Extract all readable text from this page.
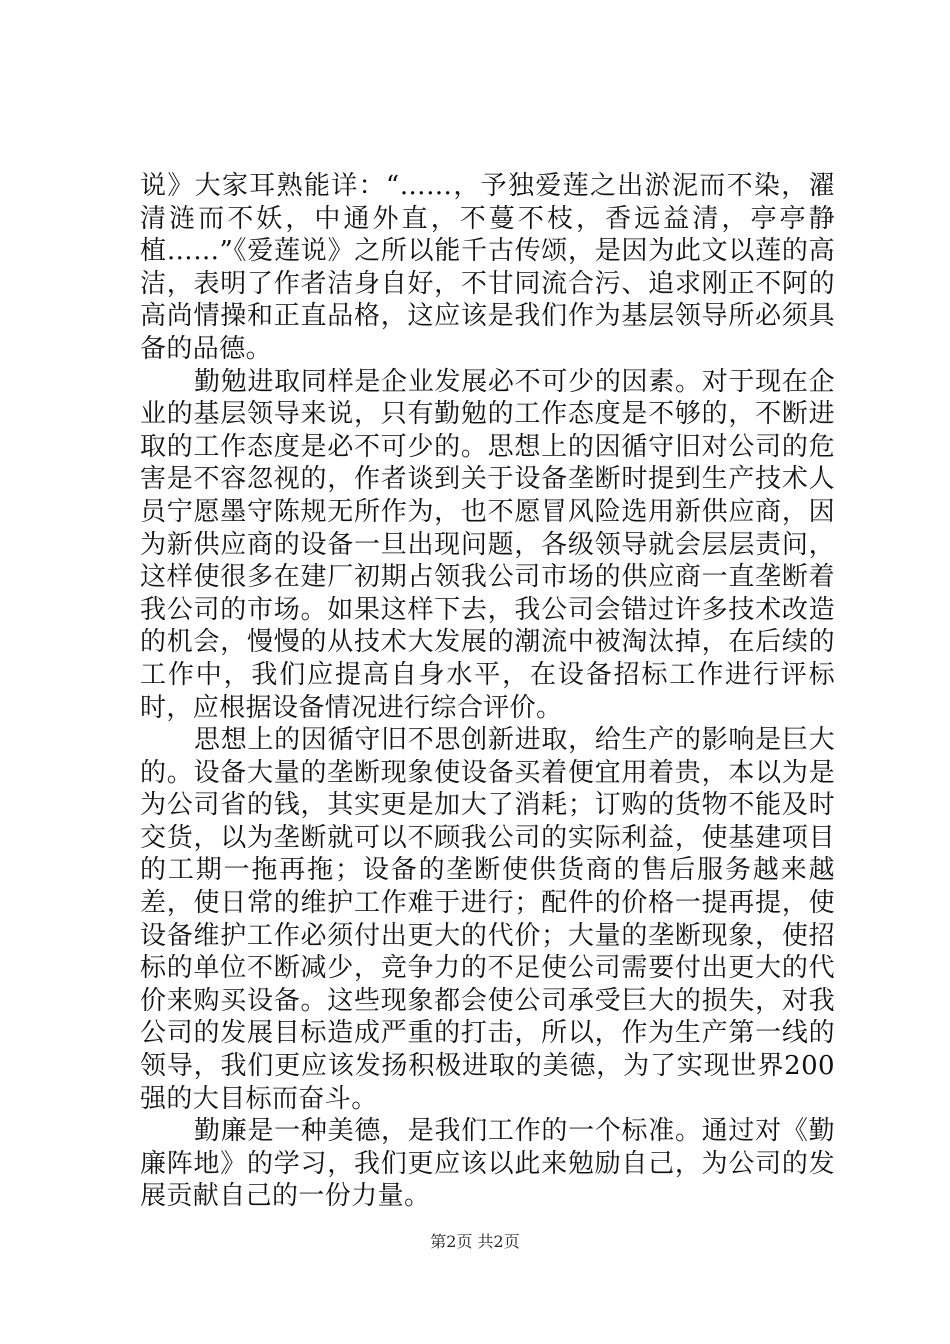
说》大家耳熟能详：“……，予独爱莲之出淤泥而不染，濯清涟而不妖，中通外直，不蔓不枝，香远益清，亭亭静植……”《爱莲说》之所以能千古传颂，是因为此文以莲的高洁，表明了作者洁身自好，不甘同流合污、追求刚正不阿的高尚情操和正直品格，这应该是我们作为基层领导所必须具备的品德。

勤勉进取同样是企业发展必不可少的因素。对于现在企业的基层领导来说，只有勤勉的工作态度是不够的，不断进取的工作态度是必不可少的。思想上的因循守旧对公司的危害是不容忽视的，作者谈到关于设备垄断时提到生产技术人员宁愿墨守陈规无所作为，也不愿冒风险选用新供应商，因为新供应商的设备一旦出现问题，各级领导就会层层责问，这样使很多在建厂初期占领我公司市场的供应商一直垄断着我公司的市场。如果这样下去，我公司会错过许多技术改造的机会，慢慢的从技术大发展的潮流中被淘汰掉，在后续的工作中，我们应提高自身水平，在设备招标工作进行评标时，应根据设备情况进行综合评价。

思想上的因循守旧不思创新进取，给生产的影响是巨大的。设备大量的垄断现象使设备买着便宜用着贵，本以为是为公司省的钱，其实更是加大了消耗；订购的货物不能及时交货，以为垄断就可以不顾我公司的实际利益，使基建项目的工期一拖再拖；设备的垄断使供货商的售后服务越来越差，使日常的维护工作难于进行；配件的价格一提再提，使设备维护工作必须付出更大的代价；大量的垄断现象，使招标的单位不断减少，竞争力的不足使公司需要付出更大的代价来购买设备。这些现象都会使公司承受巨大的损失，对我公司的发展目标造成严重的打击，所以，作为生产第一线的领导，我们更应该发扬积极进取的美德，为了实现世界200强的大目标而奋斗。

勤廉是一种美德，是我们工作的一个标准。通过对《勤廉阵地》的学习，我们更应该以此来勉励自己，为公司的发展贡献自己的一份力量。

第2页 共2页
